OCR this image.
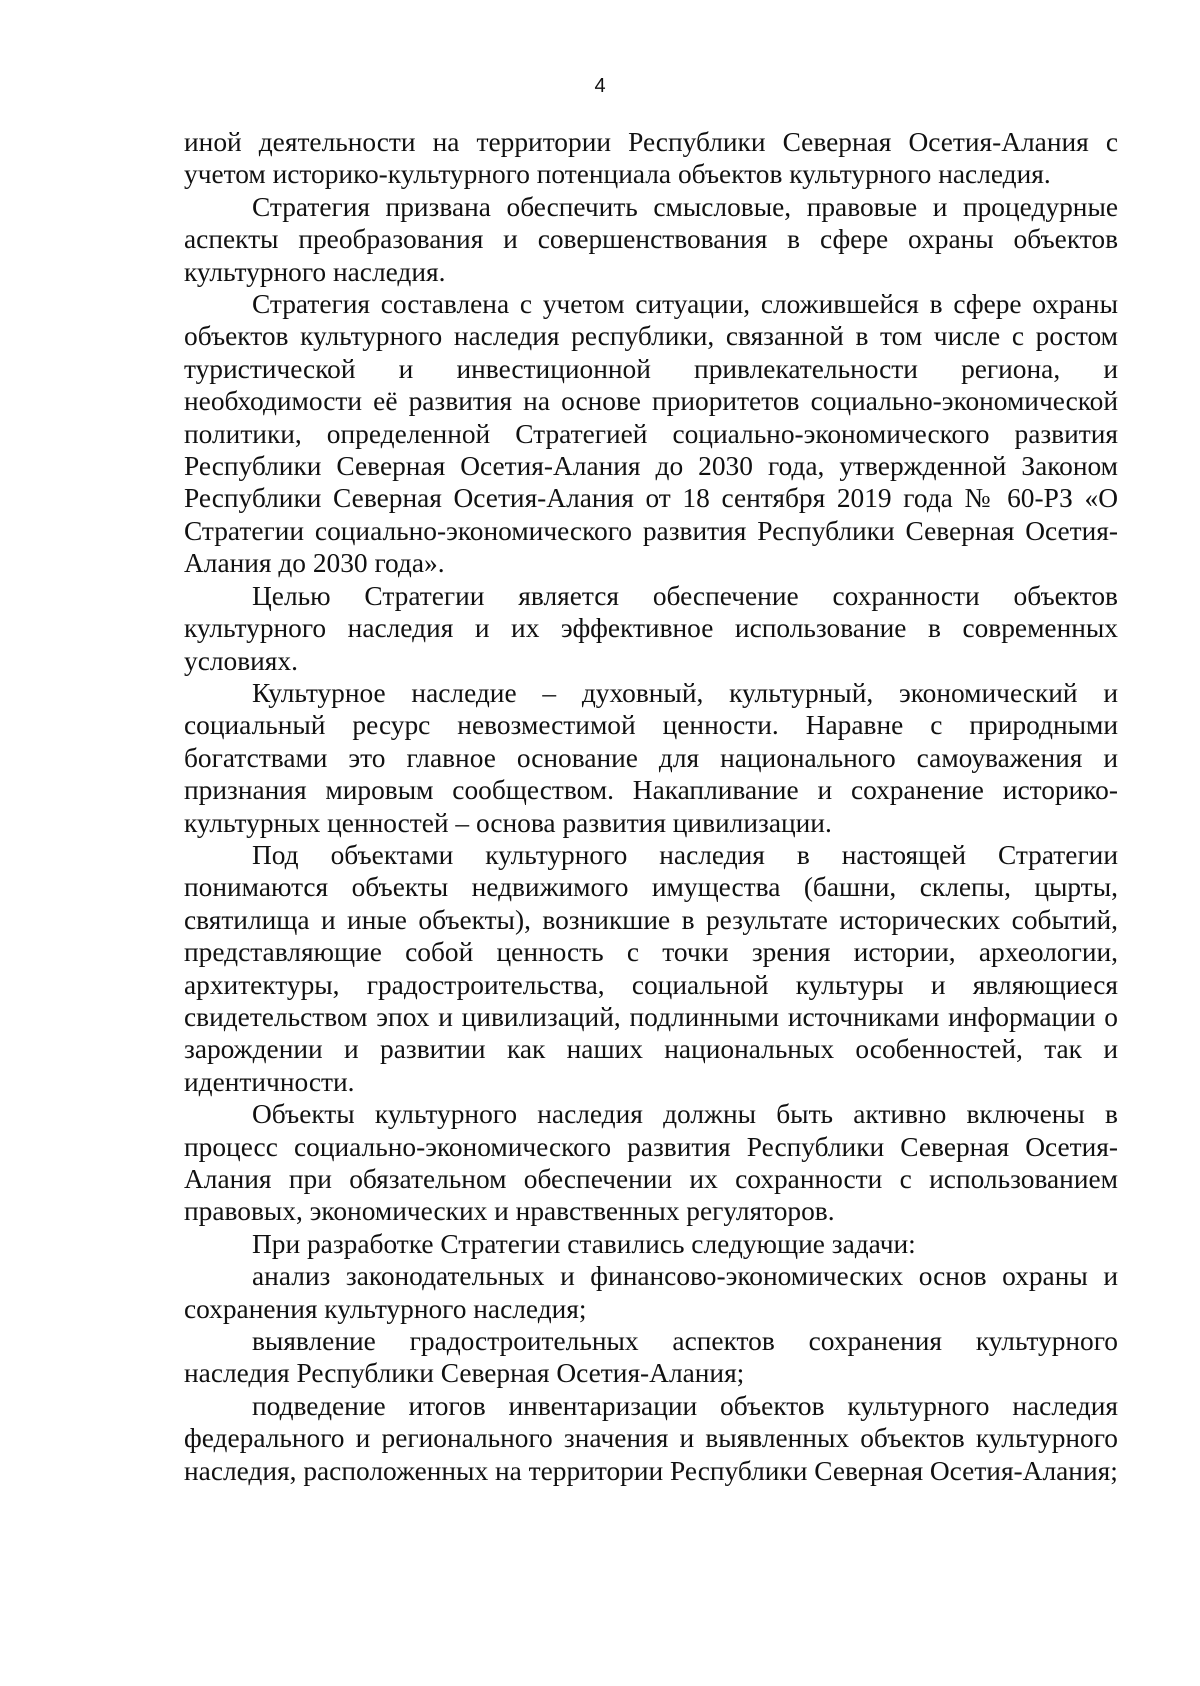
4

иной деятельности на территории Республики Северная Осетия-Алания с учетом историко-культурного потенциала объектов культурного наследия.

Стратегия призвана обеспечить смысловые, правовые и процедурные аспекты преобразования и совершенствования в сфере охраны объектов культурного наследия.

Стратегия составлена с учетом ситуации, сложившейся в сфере охраны объектов культурного наследия республики, связанной в том числе с ростом туристической и инвестиционной привлекательности региона, и необходимости её развития на основе приоритетов социально-экономической политики, определенной Стратегией социально-экономического развития Республики Северная Осетия-Алания до 2030 года, утвержденной Законом Республики Северная Осетия-Алания от 18 сентября 2019 года № 60-РЗ «О Стратегии социально-экономического развития Республики Северная Осетия-Алания до 2030 года».

Целью Стратегии является обеспечение сохранности объектов культурного наследия и их эффективное использование в современных условиях.

Культурное наследие – духовный, культурный, экономический и социальный ресурс невозместимой ценности. Наравне с природными богатствами это главное основание для национального самоуважения и признания мировым сообществом. Накапливание и сохранение историко-культурных ценностей – основа развития цивилизации.

Под объектами культурного наследия в настоящей Стратегии понимаются объекты недвижимого имущества (башни, склепы, цырты, святилища и иные объекты), возникшие в результате исторических событий, представляющие собой ценность с точки зрения истории, археологии, архитектуры, градостроительства, социальной культуры и являющиеся свидетельством эпох и цивилизаций, подлинными источниками информации о зарождении и развитии как наших национальных особенностей, так и идентичности.

Объекты культурного наследия должны быть активно включены в процесс социально-экономического развития Республики Северная Осетия-Алания при обязательном обеспечении их сохранности с использованием правовых, экономических и нравственных регуляторов.

При разработке Стратегии ставились следующие задачи:

анализ законодательных и финансово-экономических основ охраны и сохранения культурного наследия;

выявление градостроительных аспектов сохранения культурного наследия Республики Северная Осетия-Алания;

подведение итогов инвентаризации объектов культурного наследия федерального и регионального значения и выявленных объектов культурного наследия, расположенных на территории Республики Северная Осетия-Алания;
